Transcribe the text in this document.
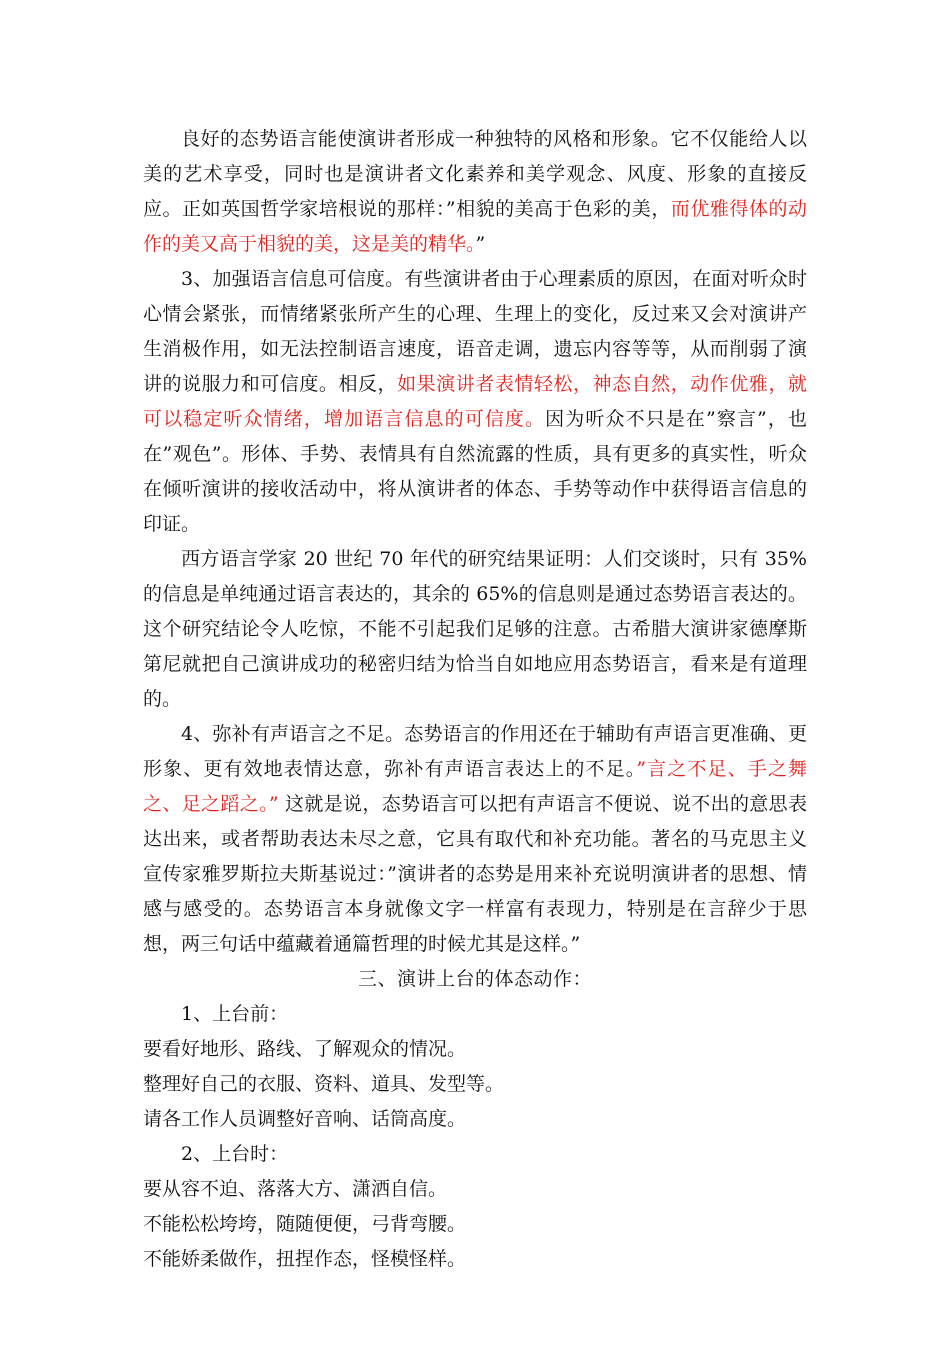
良好的态势语言能使演讲者形成一种独特的风格和形象。它不仅能给人以美的艺术享受，同时也是演讲者文化素养和美学观念、风度、形象的直接反应。正如英国哲学家培根说的那样：”相貌的美高于色彩的美，而优雅得体的动作的美又高于相貌的美，这是美的精华。”

3、加强语言信息可信度。有些演讲者由于心理素质的原因，在面对听众时心情会紧张，而情绪紧张所产生的心理、生理上的变化，反过来又会对演讲产生消极作用，如无法控制语言速度，语音走调，遗忘内容等等，从而削弱了演讲的说服力和可信度。相反，如果演讲者表情轻松，神态自然，动作优雅，就可以稳定听众情绪，增加语言信息的可信度。因为听众不只是在”察言”，也在”观色”。形体、手势、表情具有自然流露的性质，具有更多的真实性，听众在倾听演讲的接收活动中，将从演讲者的体态、手势等动作中获得语言信息的印证。

西方语言学家 20 世纪 70 年代的研究结果证明：人们交谈时，只有 35%的信息是单纯通过语言表达的，其余的 65%的信息则是通过态势语言表达的。这个研究结论令人吃惊，不能不引起我们足够的注意。古希腊大演讲家德摩斯第尼就把自己演讲成功的秘密归结为恰当自如地应用态势语言，看来是有道理的。

4、弥补有声语言之不足。态势语言的作用还在于辅助有声语言更准确、更形象、更有效地表情达意，弥补有声语言表达上的不足。”言之不足、手之舞之、足之蹈之。” 这就是说，态势语言可以把有声语言不便说、说不出的意思表达出来，或者帮助表达未尽之意，它具有取代和补充功能。著名的马克思主义宣传家雅罗斯拉夫斯基说过：”演讲者的态势是用来补充说明演讲者的思想、情感与感受的。态势语言本身就像文字一样富有表现力，特别是在言辞少于思想，两三句话中蕴藏着通篇哲理的时候尤其是这样。”

三、演讲上台的体态动作：

1、上台前：

要看好地形、路线、了解观众的情况。

整理好自己的衣服、资料、道具、发型等。

请各工作人员调整好音响、话筒高度。

2、上台时：

要从容不迫、落落大方、潇洒自信。

不能松松垮垮，随随便便，弓背弯腰。

不能娇柔做作，扭捏作态，怪模怪样。
